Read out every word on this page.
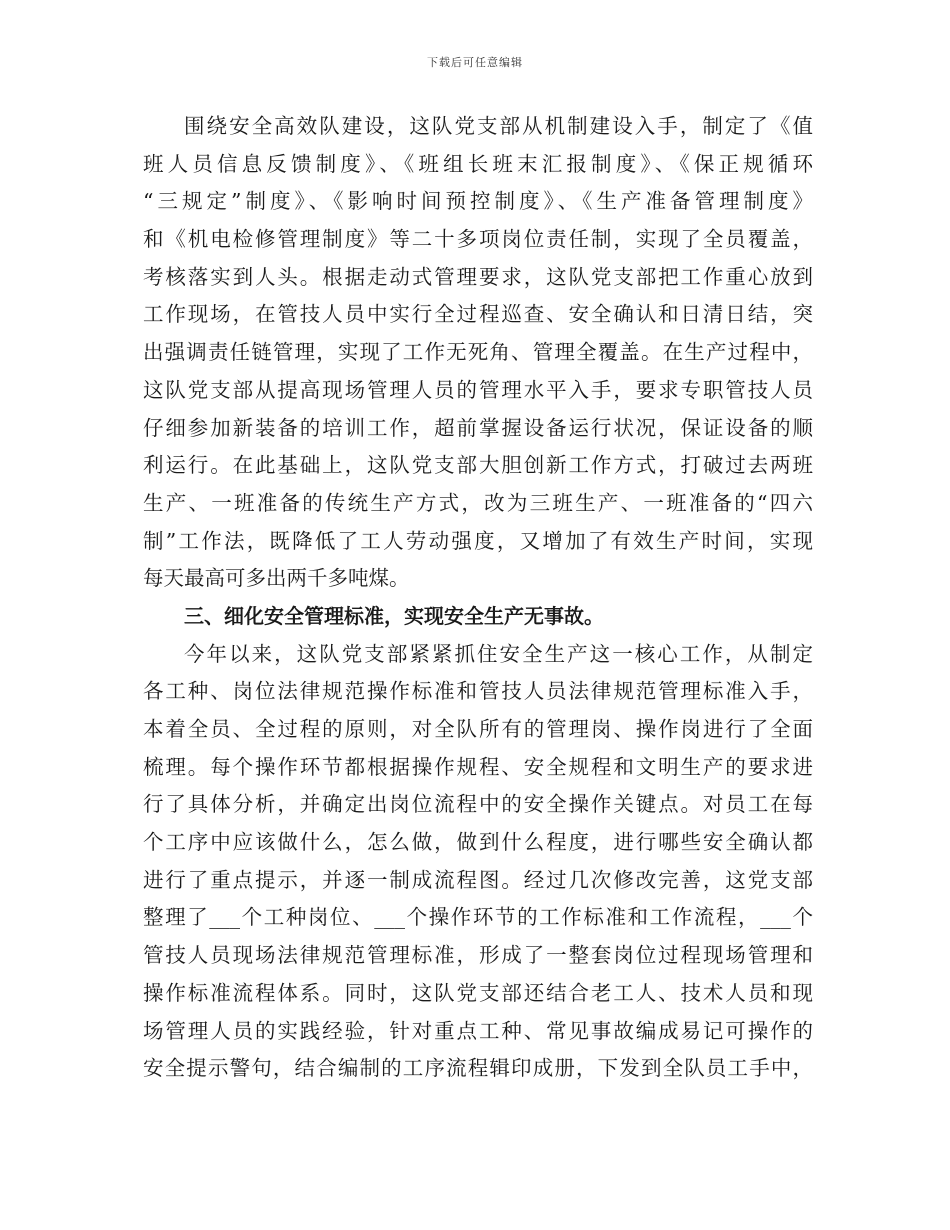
下载后可任意编辑
围绕安全高效队建设，这队党支部从机制建设入手，制定了《值
班人员信息反馈制度》、《班组长班末汇报制度》、《保正规循环
“三规定”制度》、《影响时间预控制度》、《生产准备管理制度》
和《机电检修管理制度》等二十多项岗位责任制，实现了全员覆盖，
考核落实到人头。根据走动式管理要求，这队党支部把工作重心放到
工作现场，在管技人员中实行全过程巡查、安全确认和日清日结，突
出强调责任链管理，实现了工作无死角、管理全覆盖。在生产过程中，
这队党支部从提高现场管理人员的管理水平入手，要求专职管技人员
仔细参加新装备的培训工作，超前掌握设备运行状况，保证设备的顺
利运行。在此基础上，这队党支部大胆创新工作方式，打破过去两班
生产、一班准备的传统生产方式，改为三班生产、一班准备的“四六
制”工作法，既降低了工人劳动强度，又增加了有效生产时间，实现
每天最高可多出两千多吨煤。
三、细化安全管理标准，实现安全生产无事故。
今年以来，这队党支部紧紧抓住安全生产这一核心工作，从制定
各工种、岗位法律规范操作标准和管技人员法律规范管理标准入手，
本着全员、全过程的原则，对全队所有的管理岗、操作岗进行了全面
梳理。每个操作环节都根据操作规程、安全规程和文明生产的要求进
行了具体分析，并确定出岗位流程中的安全操作关键点。对员工在每
个工序中应该做什么，怎么做，做到什么程度，进行哪些安全确认都
进行了重点提示，并逐一制成流程图。经过几次修改完善，这党支部
整理了___个工种岗位、___个操作环节的工作标准和工作流程，___个
管技人员现场法律规范管理标准，形成了一整套岗位过程现场管理和
操作标准流程体系。同时，这队党支部还结合老工人、技术人员和现
场管理人员的实践经验，针对重点工种、常见事故编成易记可操作的
安全提示警句，结合编制的工序流程辑印成册，下发到全队员工手中，
